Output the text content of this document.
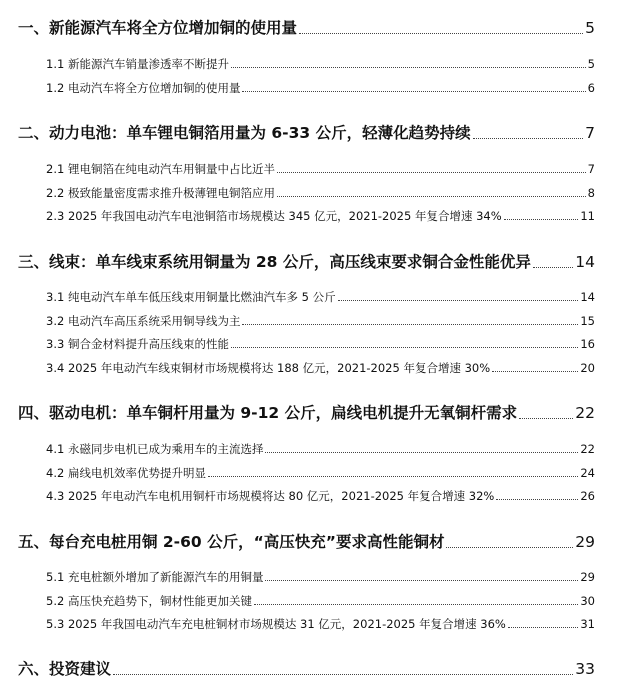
一、新能源汽车将全方位增加铜的使用量	5
1.1 新能源汽车销量渗透率不断提升	5
1.2 电动汽车将全方位增加铜的使用量	6
二、动力电池：单车锂电铜箔用量为 6-33 公斤，轻薄化趋势持续	7
2.1 锂电铜箔在纯电动汽车用铜量中占比近半	7
2.2 极致能量密度需求推升极薄锂电铜箔应用	8
2.3 2025 年我国电动汽车电池铜箔市场规模达 345 亿元，2021-2025 年复合增速 34%	11
三、线束：单车线束系统用铜量为 28 公斤，高压线束要求铜合金性能优异	14
3.1 纯电动汽车单车低压线束用铜量比燃油汽车多 5 公斤	14
3.2 电动汽车高压系统采用铜导线为主	15
3.3 铜合金材料提升高压线束的性能	16
3.4 2025 年电动汽车线束铜材市场规模将达 188 亿元，2021-2025 年复合增速 30%	20
四、驱动电机：单车铜杆用量为 9-12 公斤，扁线电机提升无氧铜杆需求	22
4.1 永磁同步电机已成为乘用车的主流选择	22
4.2 扁线电机效率优势提升明显	24
4.3 2025 年电动汽车电机用铜杆市场规模将达 80 亿元，2021-2025 年复合增速 32%	26
五、每台充电桩用铜 2-60 公斤，“高压快充”要求高性能铜材	29
5.1 充电桩额外增加了新能源汽车的用铜量	29
5.2 高压快充趋势下，铜材性能更加关键	30
5.3 2025 年我国电动汽车充电桩铜材市场规模达 31 亿元，2021-2025 年复合增速 36%	31
六、投资建议	33
